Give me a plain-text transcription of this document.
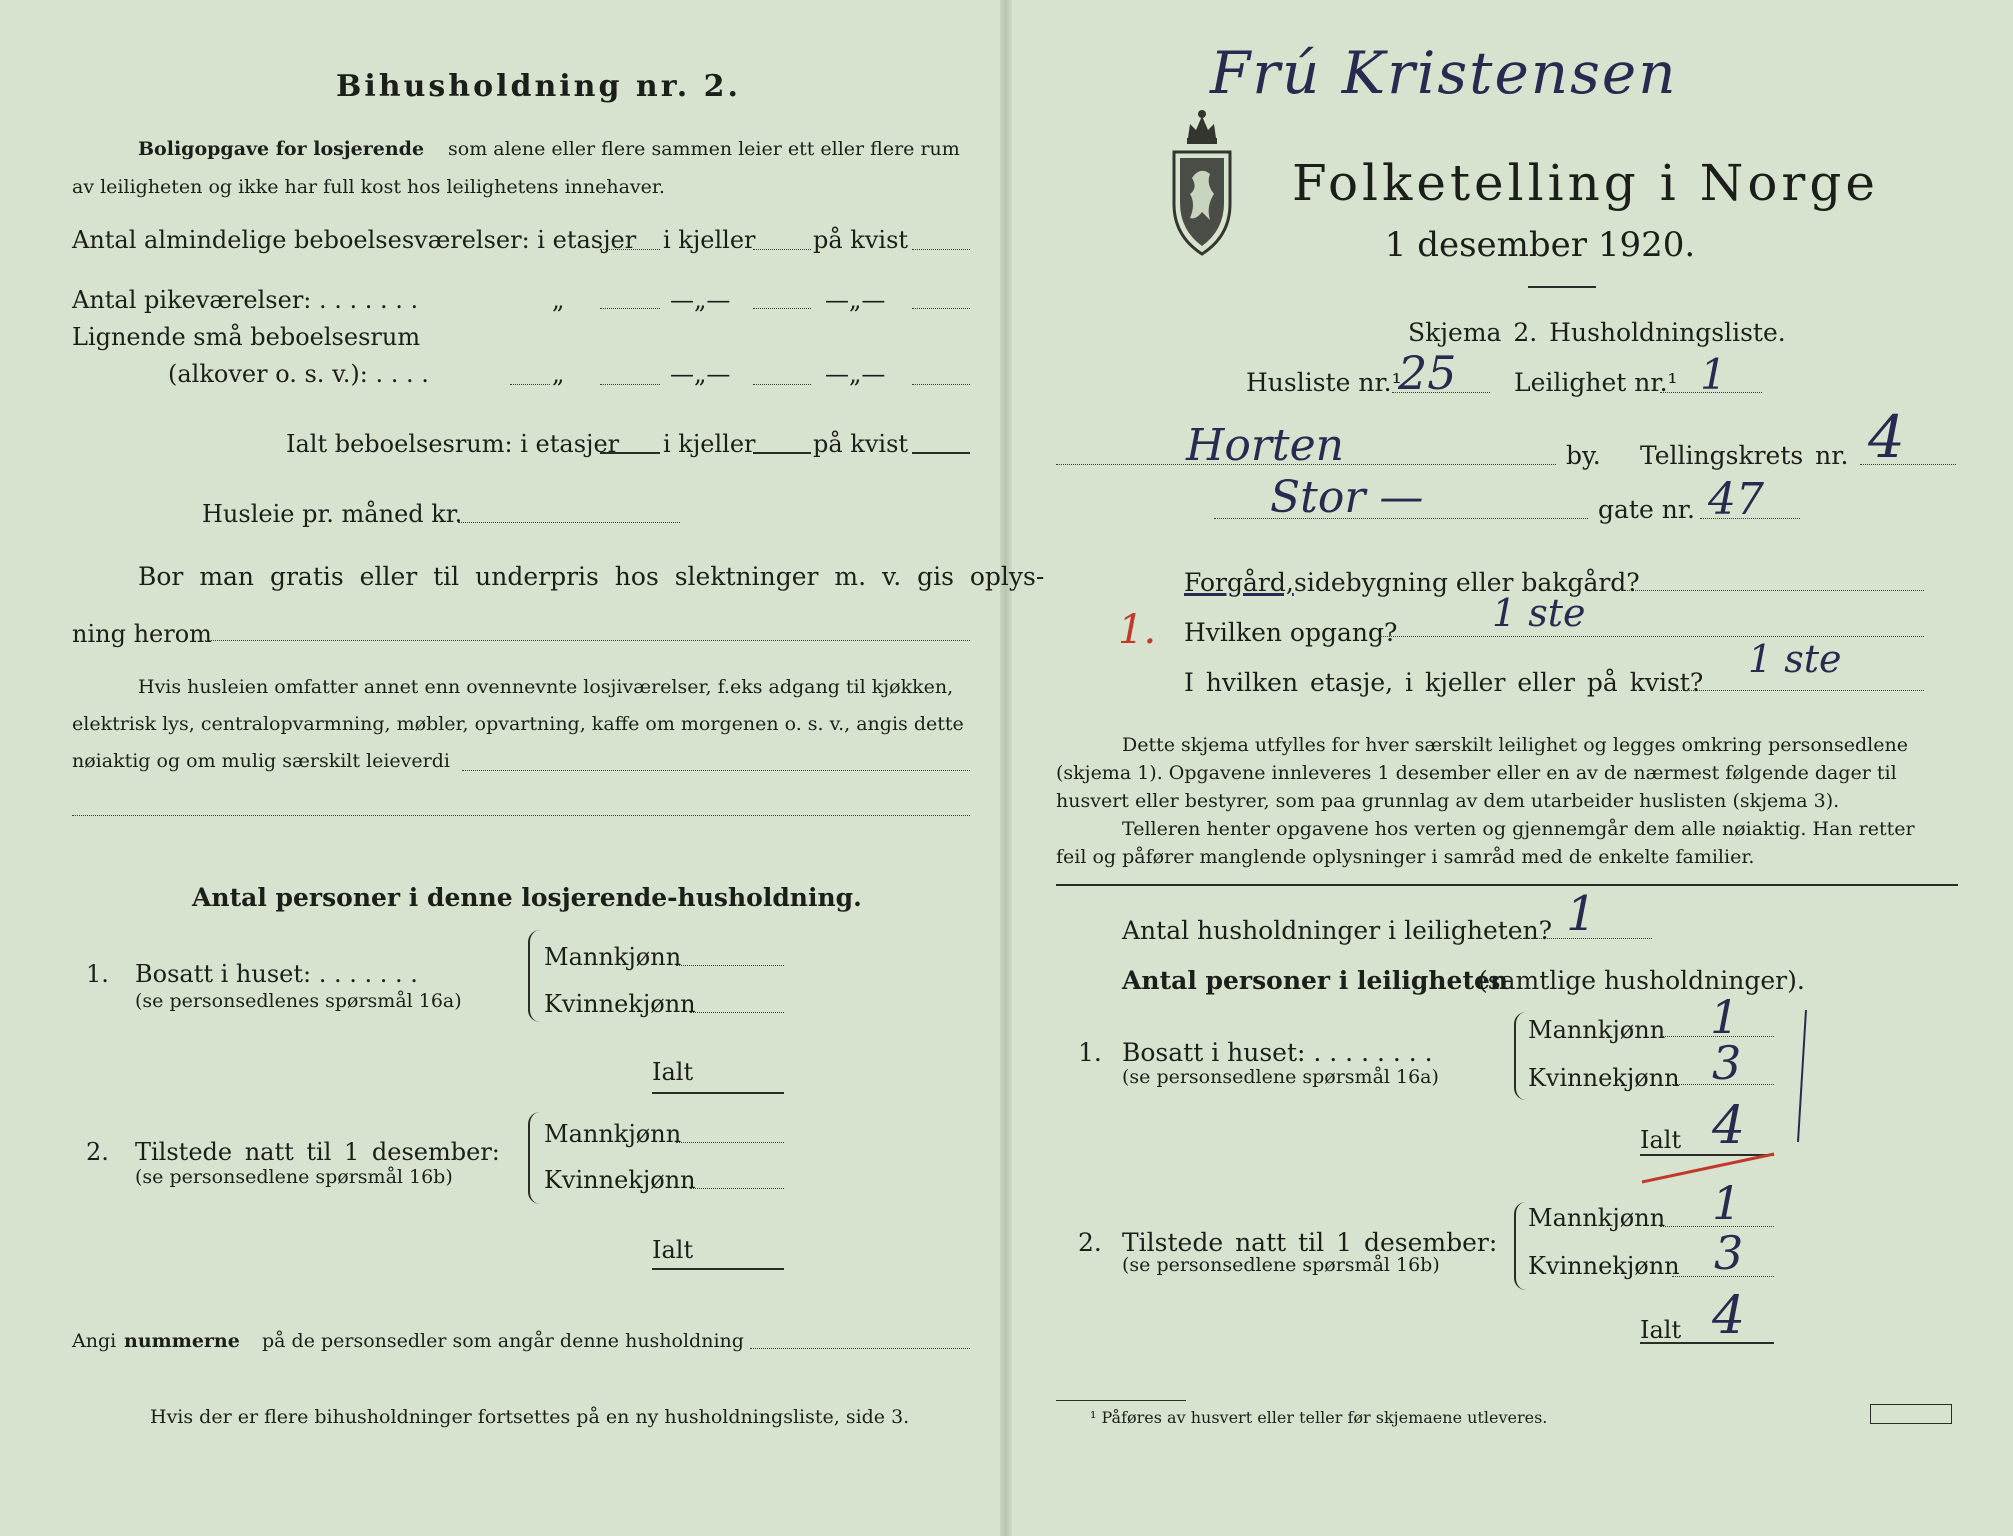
Bihusholdning nr. 2.
Boligopgave for losjerende som alene eller flere sammen leier ett eller flere rum
av leiligheten og ikke har full kost hos leilighetens innehaver.
Antal almindelige beboelsesværelser: i etasjer i kjeller på kvist
Antal pikeværelser: . . . . . . .	„	—„—	—„—
Lignende små beboelsesrum
(alkover o. s. v.): . . . .	„	—„—	—„—
Ialt beboelsesrum: i etasjer i kjeller på kvist
Husleie pr. måned kr.
Bor man gratis eller til underpris hos slektninger m. v. gis oplys-
ning herom
Hvis husleien omfatter annet enn ovennevnte losjiværelser, f.eks adgang til kjøkken,
elektrisk lys, centralopvarmning, møbler, opvartning, kaffe om morgenen o. s. v., angis dette
nøiaktig og om mulig særskilt leieverdi
Antal personer i denne losjerende-husholdning.
1. Bosatt i huset: . . . . . . .
(se personsedlenes spørsmål 16a)
Mannkjønn
Kvinnekjønn
Ialt
2. Tilstede natt til 1 desember:
(se personsedlene spørsmål 16b)
Mannkjønn
Kvinnekjønn
Ialt
Angi nummerne på de personsedler som angår denne husholdning
Hvis der er flere bihusholdninger fortsettes på en ny husholdningsliste, side 3.
Frú Kristensen
Folketelling i Norge
1 desember 1920.
Skjema 2. Husholdningsliste.
Husliste nr.¹
25 Leilighet nr.¹ 1
Horten	by. Tellingskrets nr. 4
Stor —	gate nr. 47
Forgård, sidebygning eller bakgård?
1. Hvilken opgang? 1 ste
I hvilken etasje, i kjeller eller på kvist?
1 ste
Dette skjema utfylles for hver særskilt leilighet og legges omkring personsedlene
(skjema 1). Opgavene innleveres 1 desember eller en av de nærmest følgende dager til
husvert eller bestyrer, som paa grunnlag av dem utarbeider huslisten (skjema 3).
Telleren henter opgavene hos verten og gjennemgår dem alle nøiaktig. Han retter
feil og påfører manglende oplysninger i samråd med de enkelte familier.
Antal husholdninger i leiligheten? 1
Antal personer i leiligheten
(samtlige husholdninger).
1. Bosatt i huset: . . . . . . . .
(se personsedlene spørsmål 16a)
Mannkjønn 1
Kvinnekjønn 3
Ialt 4
2. Tilstede natt til 1 desember:
(se personsedlene spørsmål 16b)
Mannkjønn 1
Kvinnekjønn 3
Ialt 4
¹ Påføres av husvert eller teller før skjemaene utleveres.
